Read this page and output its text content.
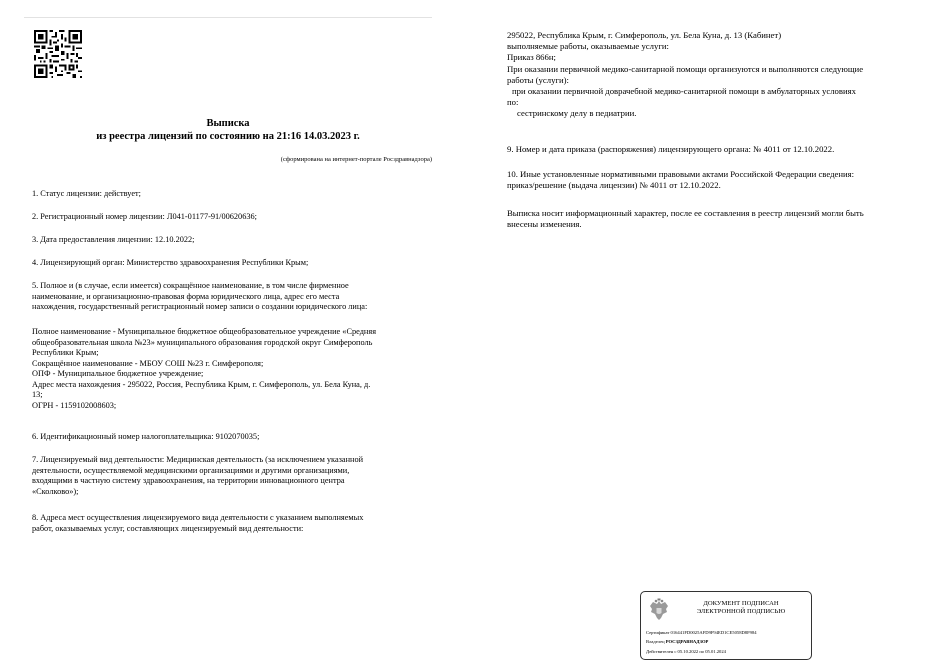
Выписка
из реестра лицензий по состоянию на 21:16 14.03.2023 г.
(сформирована на интернет-портале Росздравнадзора)

1. Статус лицензии: действует;

2. Регистрационный номер лицензии: Л041-01177-91/00620636;

3. Дата предоставления лицензии: 12.10.2022;

4. Лицензирующий орган: Министерство здравоохранения Республики Крым;

5. Полное и (в случае, если имеется) сокращённое наименование, в том числе фирменное
наименование, и организационно-правовая форма юридического лица, адрес его места
нахождения, государственный регистрационный номер записи о создании юридического лица:

Полное наименование - Муниципальное бюджетное общеобразовательное учреждение «Средняя
общеобразовательная школа №23» муниципального образования городской округ Симферополь
Республики Крым;
Сокращённое наименование - МБОУ СОШ №23 г. Симферополя;
ОПФ - Муниципальное бюджетное учреждение;
Адрес места нахождения - 295022, Россия, Республика Крым, г. Симферополь, ул. Бела Куна, д.
13;
ОГРН - 1159102008603;

6. Идентификационный номер налогоплательщика: 9102070035;

7. Лицензируемый вид деятельности: Медицинская деятельность (за исключением указанной
деятельности, осуществляемой медицинскими организациями и другими организациями,
входящими в частную систему здравоохранения, на территории инновационного центра
«Сколково»);

8. Адреса мест осуществления лицензируемого вида деятельности с указанием выполняемых
работ, оказываемых услуг, составляющих лицензируемый вид деятельности:

295022, Республика Крым, г. Симферополь, ул. Бела Куна, д. 13 (Кабинет)
выполняемые работы, оказываемые услуги:
Приказ 866н;
При оказании первичной медико-санитарной помощи организуются и выполняются следующие
работы (услуги):
при оказании первичной доврачебной медико-санитарной помощи в амбулаторных условиях
по:
сестринскому делу в педиатрии.

9. Номер и дата приказа (распоряжения) лицензирующего органа: № 4011 от 12.10.2022.

10. Иные установленные нормативными правовыми актами Российской Федерации сведения:
приказ/решение (выдача лицензии) № 4011 от 12.10.2022.

Выписка носит информационный характер, после ее составления в реестр лицензий могли быть
внесены изменения.

ДОКУМЕНТ ПОДПИСАН
ЭЛЕКТРОННОЙ ПОДПИСЬЮ
Сертификат 016441FD0025AFD9F94ED1CE5058D8F984
Владелец РОСЗДРАВНАДЗОР
Действителен с 05.10.2022 по 05.01.2024
